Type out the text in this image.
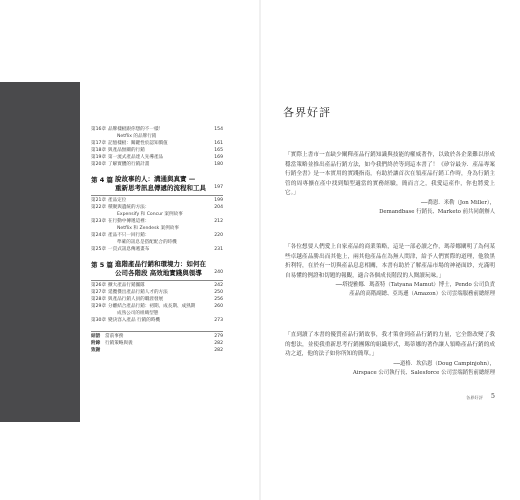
第16章 品牌樣板跟你想的不一樣！	154
Netflix 的品牌行銷
第17章 記憶樣板：關鍵性於認知價值	161
第18章 與產品無關的行銷	165
第19章 第一流式產品達人先導產品	169
第20章 了解實體的行銷計畫	180
第 4 篇 說故事的人：溝通與真實 —
重新思考訊息傳遞的流程和工具 197
第21章 產品定位	199
第22章 積聚與遺統的方法：	204
Expensify 和 Concur 案例故事
第23章 在行動中傳遞這裡：	212
Netflix 和 Zendesk 案例故事
第24章 產品不只一回行銷：	220
準確的訊息是搭配配合的時機
第25章 一頁式訊息傳遞畫布	231
第 5 篇 進階產品行銷和環境力：如何在
公司各階段 高效地實踐與領導	240
第26章 擴大產品行銷團隊	242
第27章 延攬傑出產品行銷人才的方法	250
第28章 與產品行銷人員的職涯發展	256
第29章 分離結合產品行銷：初期、成長期、成熟期	260
成熟公司的組織型態
第30章 變決容入產品 行銷的時機	273
結語 當前事務	279
附錄 行銷策略與義	282
致謝	282
各界好評

「實際上書市一直缺少闡釋產品行銷知識與技能的權威著作，以致於各企業難以形成穩當策略並推出產品行銷方法，如今我們終於等到這本書了！《矽谷最夯．產品專案行銷全書》是一本實用的實踐指南，有助於讓首次在領產品行銷工作時，身為行銷主管的周專擴在產中找到類型適當的實務經驗，簡而言之，我愛這產作，你也將愛上它。」

──喬恩．米勒（Jon Miller），

Demandbase 行銷長、Marketo 前共同創辦人

「各位想要人們愛上自家產品的商業策略，這是一部必讀之作，瑪蒂娜闡明了為何某些卓越產品勝出而其他上，兩其他產品在為無人問津，給予人們實際的道理，他敘黑折利特，在於有一切與產品息息相關，本書有助於了解產品市場的神祕面紗，充滿明自易懂的例證和切題的報觀，適合各個成長階段的人閱讀玩味。」

──塔提雅娜．瑪蓋特（Tatyana Mamut）博士，Pendo 公司負責

產品的高階副總、亞馬遜（Amazon）公司雲端服務前總經理

「直到讀了本書的優質產品行銷故事，我才策會到產品行銷的力量，它全盤改變了我的想法，並使我重新思考行銷團隊的組織形式，瑪蒂娜的著作讓人領略產品行銷的成功之道，他的法子如你所知的簡單。」

──道格．坎佔恩（Doug Campinjohn），

Airspace 公司執行長、Salesforce 公司雲端銷售前總經理

各界好評 5
